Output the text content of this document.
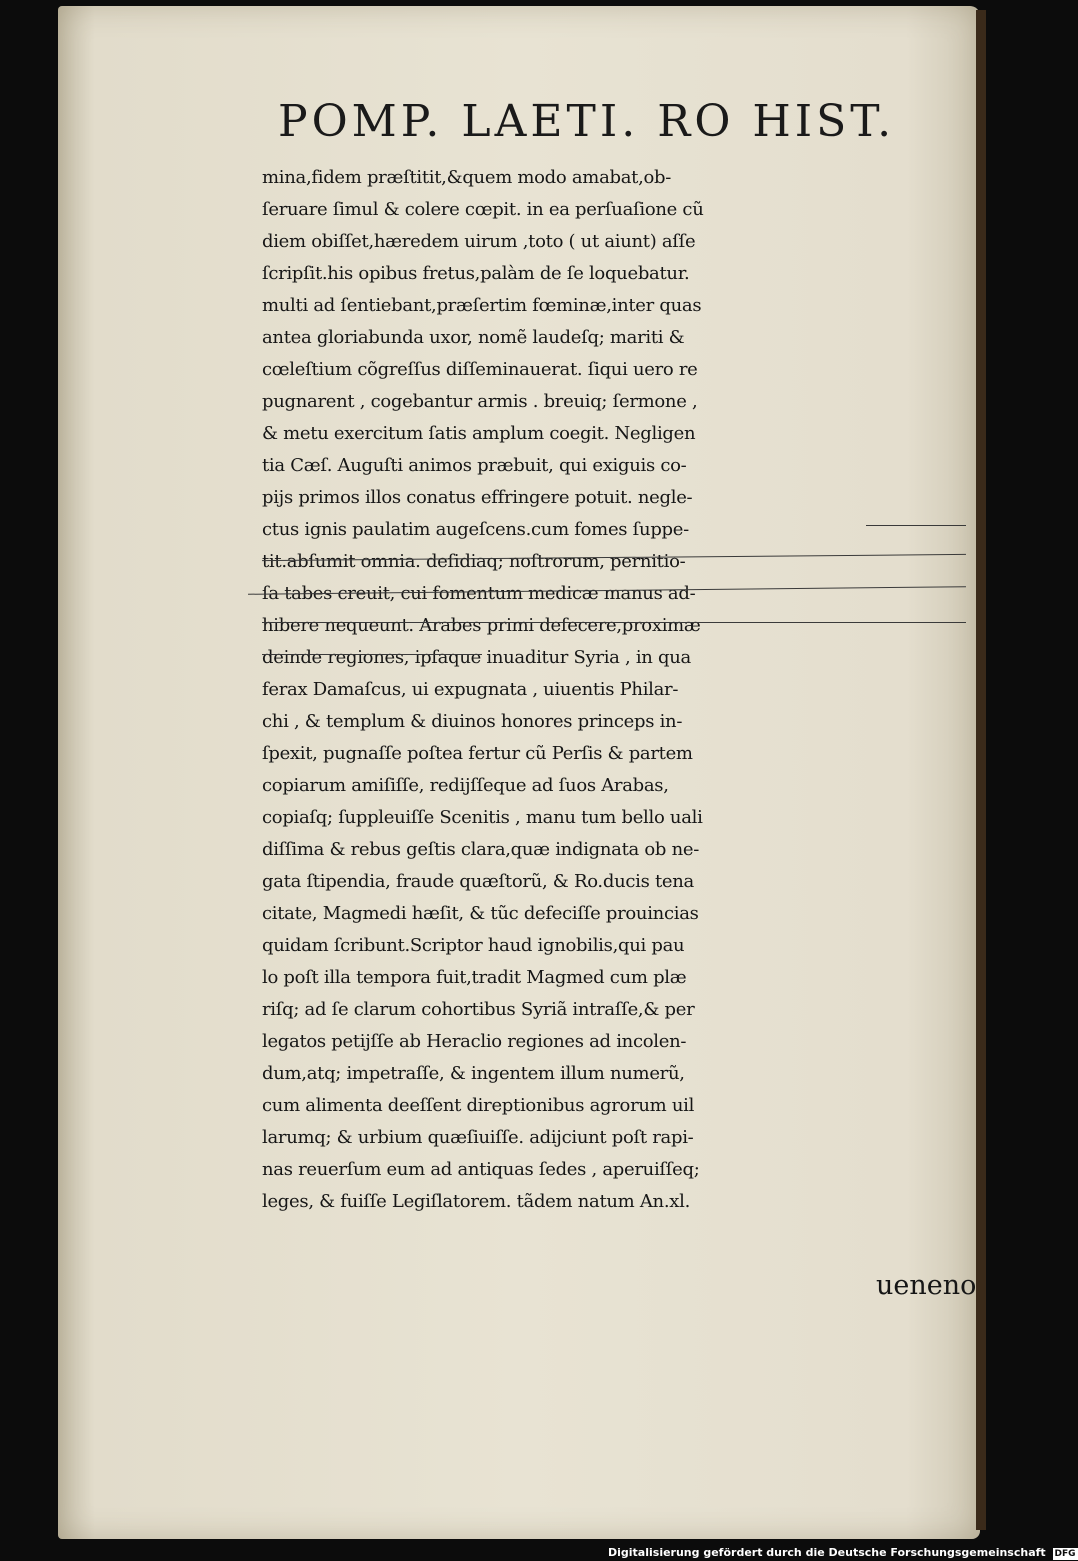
POMP. LAETI. RO HIST.
mina,fidem præſtitit,&quem modo amabat,ob-
ſeruare ſimul & colere cœpit. in ea perſuaſione cũ
diem obiſſet,hæredem uirum ,toto ( ut aiunt) aſſe
ſcripſit.his opibus fretus,palàm de ſe loquebatur.
multi ad ſentiebant,præſertim fœminæ,inter quas
antea gloriabunda uxor, nomẽ laudeſq; mariti &
cœleſtium cõgreſſus diſſeminauerat. ſiqui uero re
pugnarent , cogebantur armis . breuiq; ſermone ,
& metu exercitum ſatis amplum coegit. Negligen
tia Cæſ. Auguſti animos præbuit, qui exiguis co-
pijs primos illos conatus effringere potuit. negle-
ctus ignis paulatim augeſcens.cum fomes ſuppe-
tit.abſumit omnia. deſidiaq; noſtrorum, pernitio-
ſa tabes creuit, cui fomentum medicæ manus ad-
hibere nequeunt. Arabes primi defecere,proximæ
deinde regiones, ipſaque inuaditur Syria , in qua
ferax Damaſcus, ui expugnata , uiuentis Philar-
chi , & templum & diuinos honores princeps in-
ſpexit, pugnaſſe poſtea fertur cũ Perſis & partem
copiarum amiſiſſe, redijſſeque ad ſuos Arabas,
copiaſq; ſuppleuiſſe Scenitis , manu tum bello uali
diſſima & rebus geſtis clara,quæ indignata ob ne-
gata ſtipendia, fraude quæſtorũ, & Ro.ducis tena
citate, Magmedi hæſit, & tũc defeciſſe prouincias
quidam ſcribunt.Scriptor haud ignobilis,qui pau
lo poſt illa tempora fuit,tradit Magmed cum plæ
riſq; ad ſe clarum cohortibus Syriã intraſſe,& per
legatos petijſſe ab Heraclio regiones ad incolen-
dum,atq; impetraſſe, & ingentem illum numerũ,
cum alimenta deeſſent direptionibus agrorum uil
larumq; & urbium quæſiuiſſe. adijciunt poſt rapi-
nas reuerſum eum ad antiquas ſedes , aperuiſſeq;
leges, & fuiſſe Legiſlatorem. tãdem natum An.xl.
ueneno
Digitalisierung gefördert durch die Deutsche Forschungsgemeinschaft DFG
